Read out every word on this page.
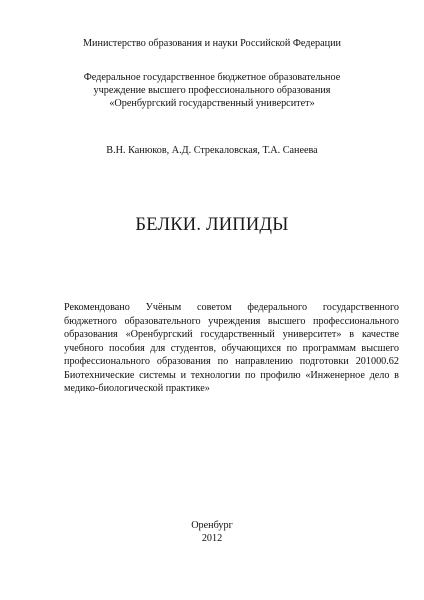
Министерство образования и науки Российской Федерации

Федеральное государственное бюджетное образовательное
учреждение высшего профессионального образования
«Оренбургский государственный университет»

В.Н. Канюков, А.Д. Стрекаловская, Т.А. Санеева

БЕЛКИ. ЛИПИДЫ

Рекомендовано Учёным советом федерального государственного бюджетного образовательного учреждения высшего профессионального образования «Оренбургский государственный университет» в качестве учебного пособия для студентов, обучающихся по программам высшего профессионального образования по направлению подготовки 201000.62 Биотехнические системы и технологии по профилю «Инженерное дело в медико-биологической практике»

Оренбург

2012
